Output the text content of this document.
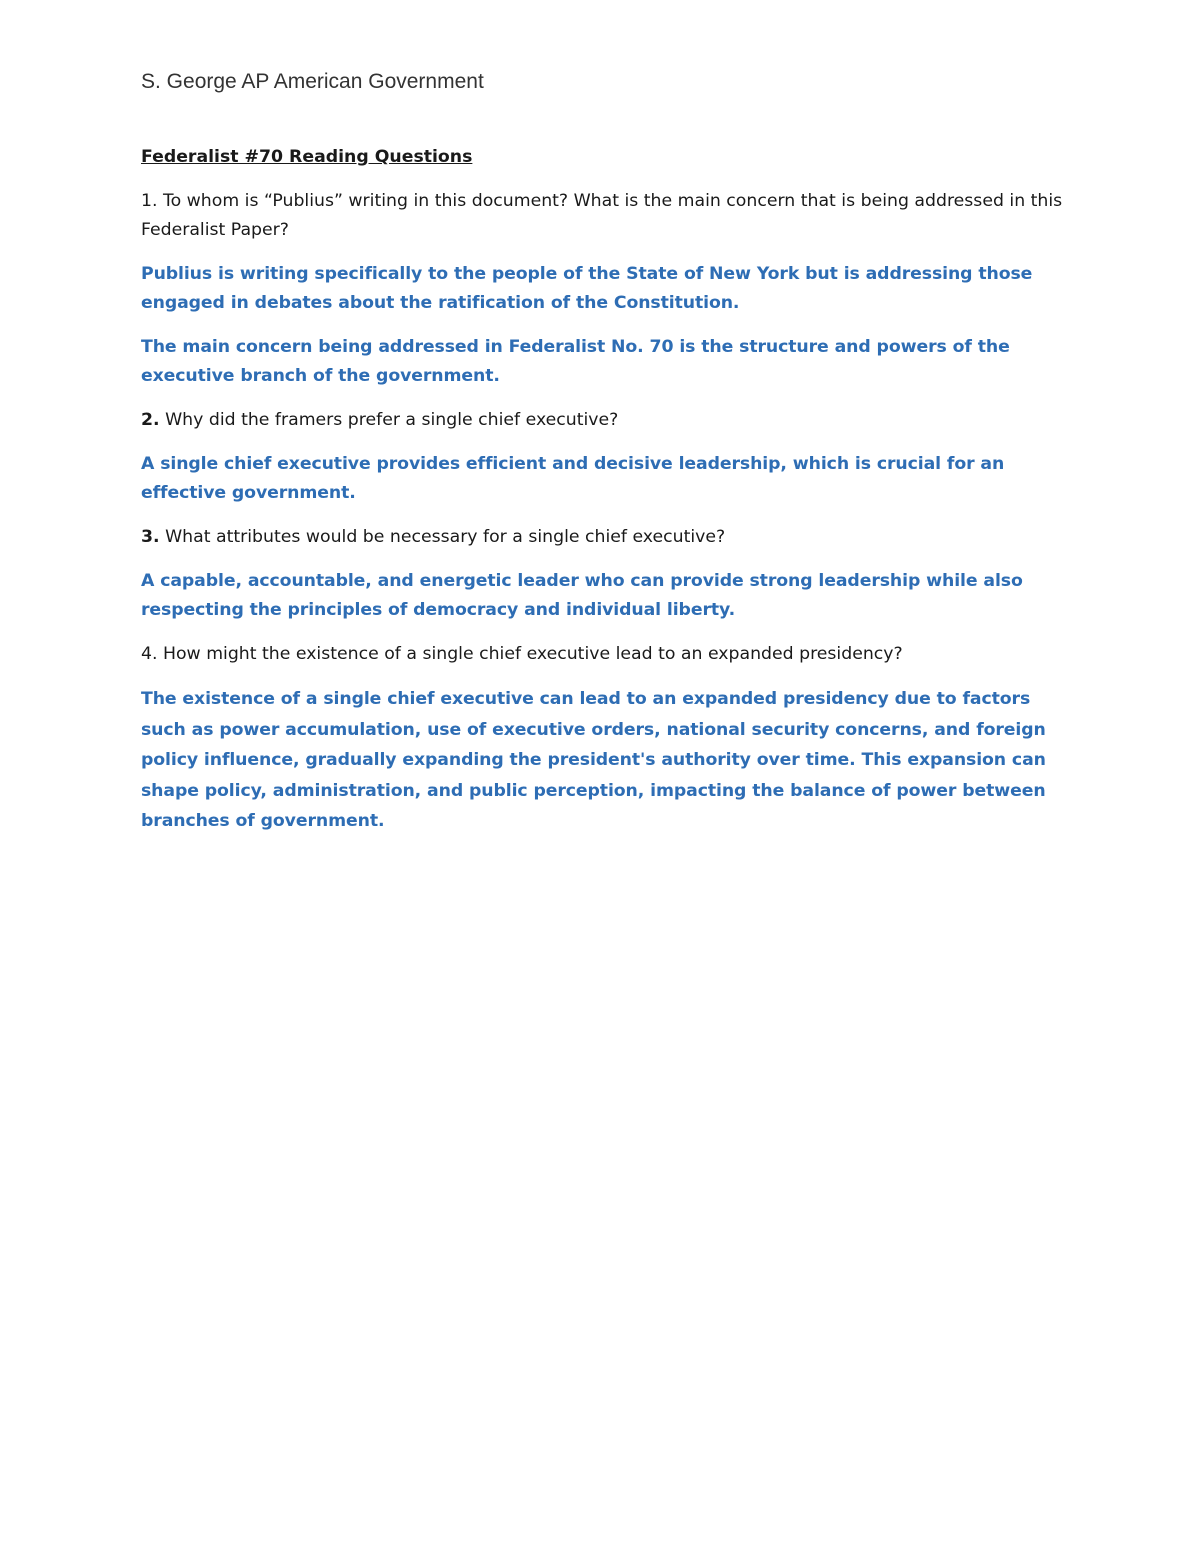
S. George AP American Government
Federalist #70 Reading Questions
1. To whom is “Publius” writing in this document? What is the main concern that is being addressed in this Federalist Paper?
Publius is writing specifically to the people of the State of New York but is addressing those engaged in debates about the ratification of the Constitution.
The main concern being addressed in Federalist No. 70 is the structure and powers of the executive branch of the government.
2. Why did the framers prefer a single chief executive?
A single chief executive provides efficient and decisive leadership, which is crucial for an effective government.
3. What attributes would be necessary for a single chief executive?
A capable, accountable, and energetic leader who can provide strong leadership while also respecting the principles of democracy and individual liberty.
4. How might the existence of a single chief executive lead to an expanded presidency?
The existence of a single chief executive can lead to an expanded presidency due to factors such as power accumulation, use of executive orders, national security concerns, and foreign policy influence, gradually expanding the president's authority over time. This expansion can shape policy, administration, and public perception, impacting the balance of power between branches of government.
